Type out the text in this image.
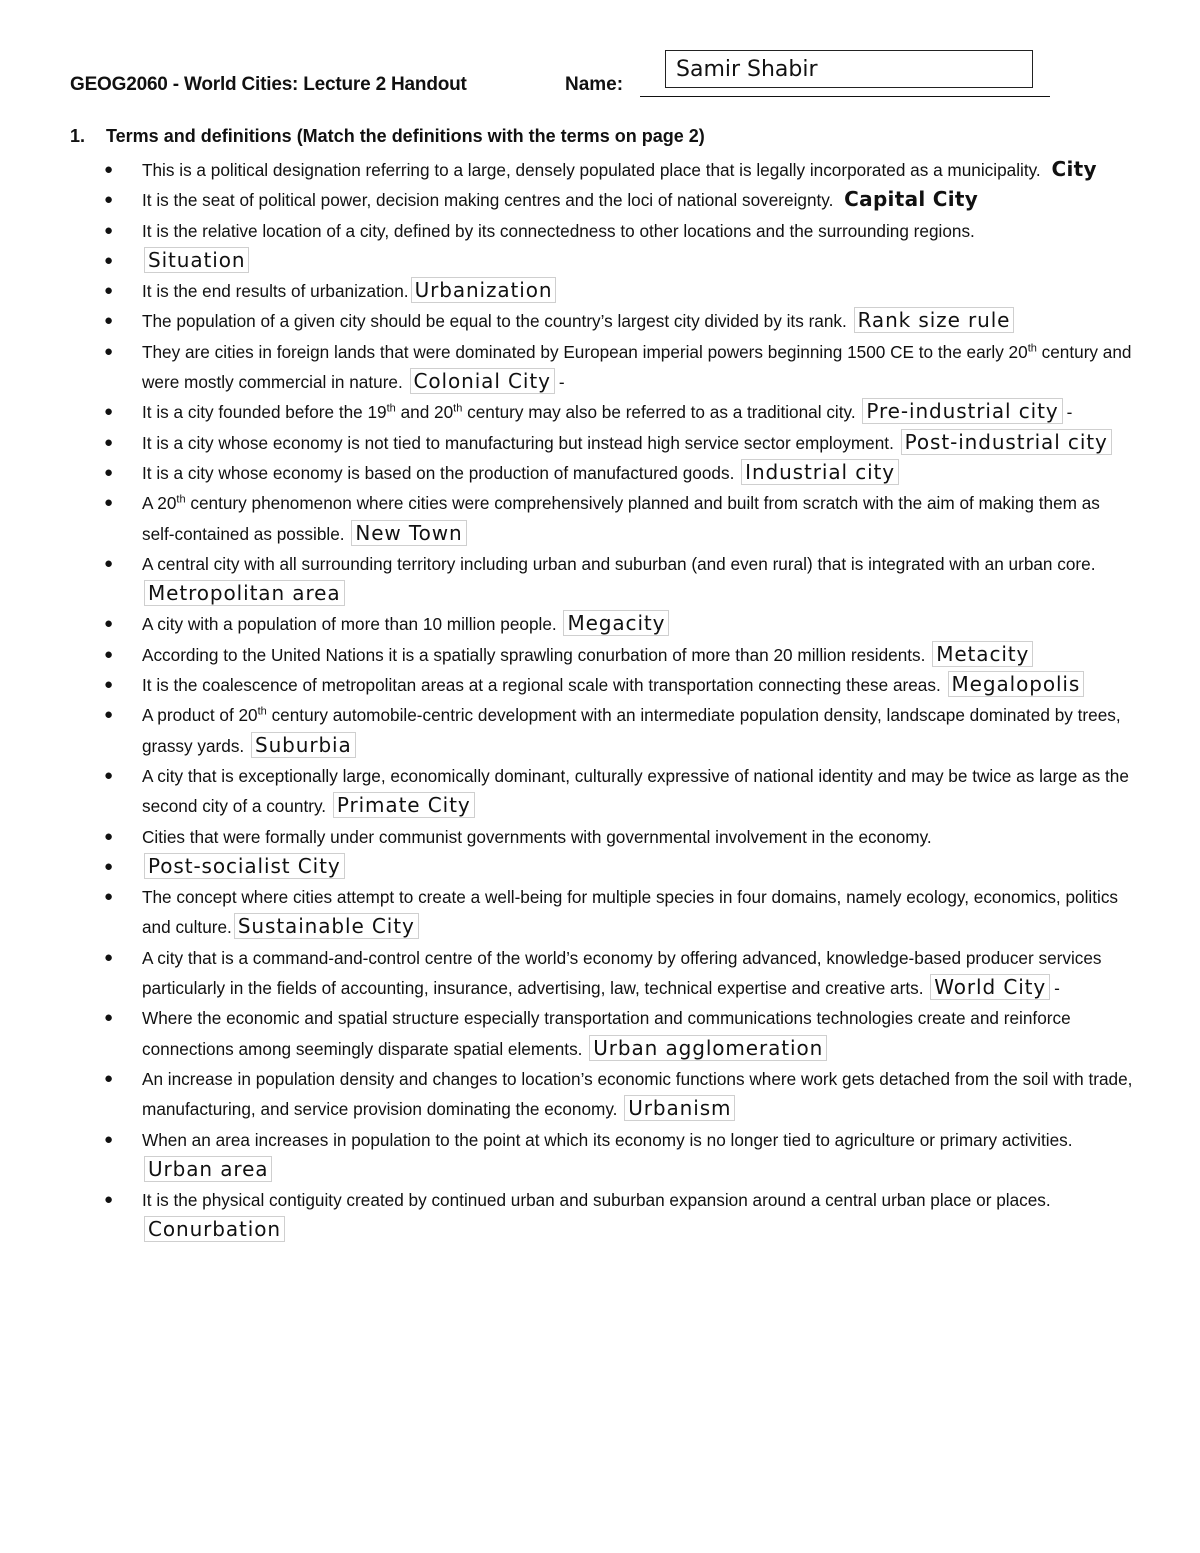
GEOG2060 - World Cities: Lecture 2 Handout	Name:
Samir Shabir
1. Terms and definitions (Match the definitions with the terms on page 2)
● This is a political designation referring to a large, densely populated place that is legally incorporated as a municipality. City
● It is the seat of political power, decision making centres and the loci of national sovereignty. Capital City
● It is the relative location of a city, defined by its connectedness to other locations and the surrounding regions.
● Situation
● It is the end results of urbanization. Urbanization
● The population of a given city should be equal to the country’s largest city divided by its rank. Rank size rule
● They are cities in foreign lands that were dominated by European imperial powers beginning 1500 CE to the early 20th century and were mostly commercial in nature. Colonial City -
● It is a city founded before the 19th and 20th century may also be referred to as a traditional city. Pre-industrial city -
● It is a city whose economy is not tied to manufacturing but instead high service sector employment. Post-industrial city
● It is a city whose economy is based on the production of manufactured goods. Industrial city
● A 20th century phenomenon where cities were comprehensively planned and built from scratch with the aim of making them as self-contained as possible. New Town
● A central city with all surrounding territory including urban and suburban (and even rural) that is integrated with an urban core. Metropolitan area
● A city with a population of more than 10 million people. Megacity
● According to the United Nations it is a spatially sprawling conurbation of more than 20 million residents. Metacity
● It is the coalescence of metropolitan areas at a regional scale with transportation connecting these areas. Megalopolis
● A product of 20th century automobile-centric development with an intermediate population density, landscape dominated by trees, grassy yards. Suburbia
● A city that is exceptionally large, economically dominant, culturally expressive of national identity and may be twice as large as the second city of a country. Primate City
● Cities that were formally under communist governments with governmental involvement in the economy.
● Post-socialist City
● The concept where cities attempt to create a well-being for multiple species in four domains, namely ecology, economics, politics and culture. Sustainable City
● A city that is a command-and-control centre of the world’s economy by offering advanced, knowledge-based producer services particularly in the fields of accounting, insurance, advertising, law, technical expertise and creative arts. World City -
● Where the economic and spatial structure especially transportation and communications technologies create and reinforce connections among seemingly disparate spatial elements. Urban agglomeration
● An increase in population density and changes to location’s economic functions where work gets detached from the soil with trade, manufacturing, and service provision dominating the economy. Urbanism
● When an area increases in population to the point at which its economy is no longer tied to agriculture or primary activities. Urban area
● It is the physical contiguity created by continued urban and suburban expansion around a central urban place or places.Conurbation
